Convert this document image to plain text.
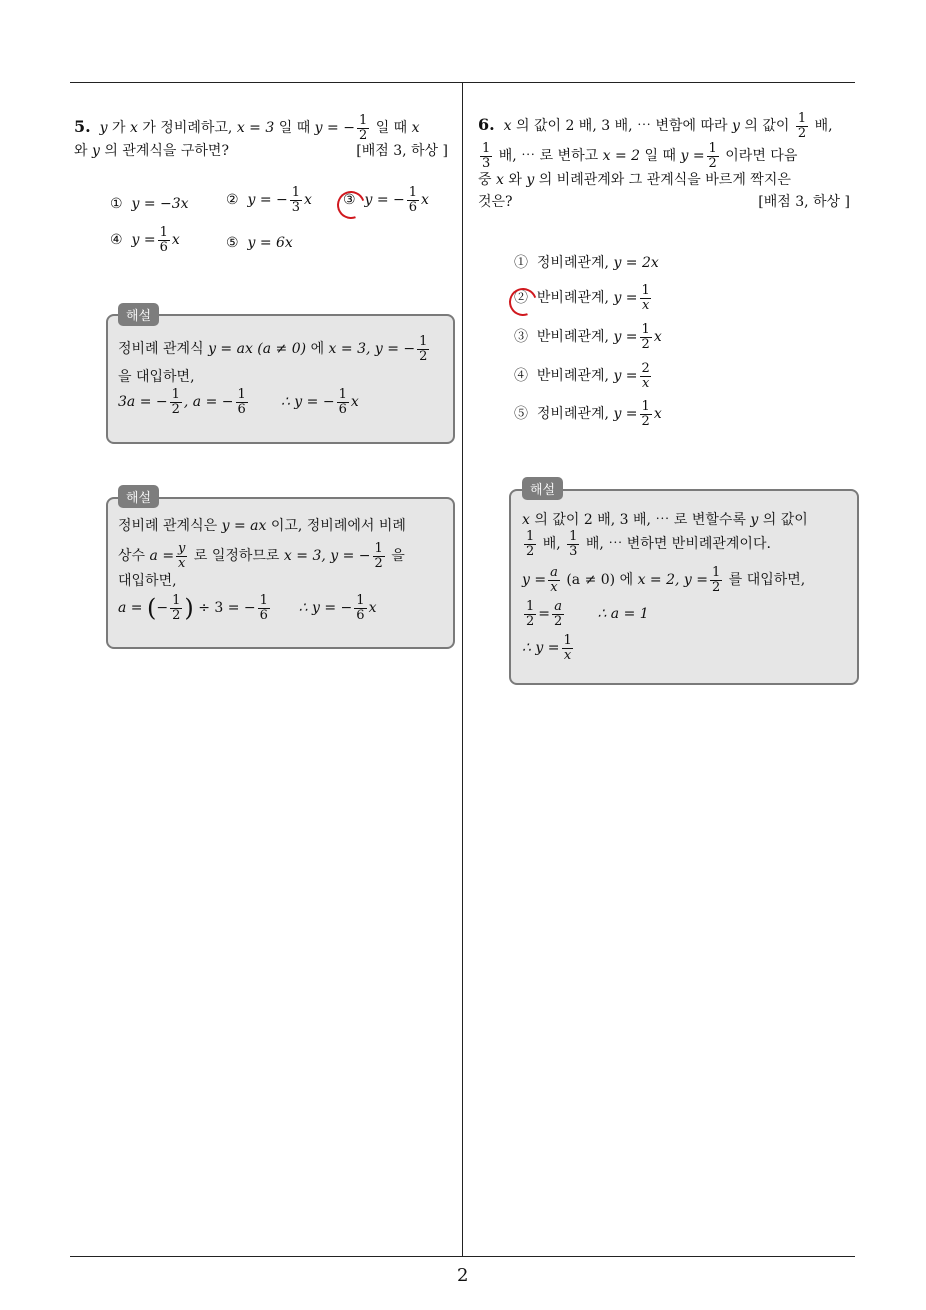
2
5. y 가 x 가 정비례하고, x = 3 일 때 y = − $\frac{1}{2}$ 일 때 x
와 y 의 관계식을 구하면?	[배점 3, 하상 ]
① y = −3x	② y = − $\frac{1}{3}$ x ③ y = − $\frac{1}{6}$ x
④ $y = \frac{1}{6}$ x	⑤ y = 6x
해설
정비례 관계식 y = ax (a ≠ 0) 에 x = 3, y = − $\frac{1}{2}$
을 대입하면,
3a = − $\frac{1}{2}$ , a = − $\frac{1}{6}$ ∴ y = − $\frac{1}{6}$ x
해설
정비례 관계식은 y = ax 이고, 정비례에서 비례
상수 $a = \frac{y}{x}$ 로 일정하므로 x = 3, y = − $\frac{1}{2}$ 을
대입하면,
a = (− $\frac{1}{2}$ ) ÷ 3 = − $\frac{1}{6}$ ∴ y = − $\frac{1}{6}$ x
6. x 의 값이 2 배, 3 배, ⋯ 변함에 따라 y 의 값이 $\frac{1}{2}$ 배,
$\frac{1}{3}$ 배, ⋯ 로 변하고 x = 2 일 때 $y = \frac{1}{2}$ 이라면 다음
중 x 와 y 의 비례관계와 그 관계식을 바르게 짝지은
것은?	[배점 3, 하상 ]
① 정비례관계, y = 2x
② 반비례관계, $y = \frac{1}{x}$
③ 반비례관계, $y = \frac{1}{2}$ x
④ 반비례관계, $y = \frac{2}{x}$
⑤ 정비례관계, $y = \frac{1}{2}$ x
해설
x 의 값이 2 배, 3 배, ⋯ 로 변할수록 y 의 값이
$\frac{1}{2}$ 배, $\frac{1}{3}$ 배, ⋯ 변하면 반비례관계이다.
$y = \frac{a}{x} (a \ne 0)$ 에 x = 2, $y = \frac{1}{2}$ 를 대입하면,
$\frac{1}{2} = \frac{a}{2}$ ∴ a = 1
∴ $y = \frac{1}{x}$
